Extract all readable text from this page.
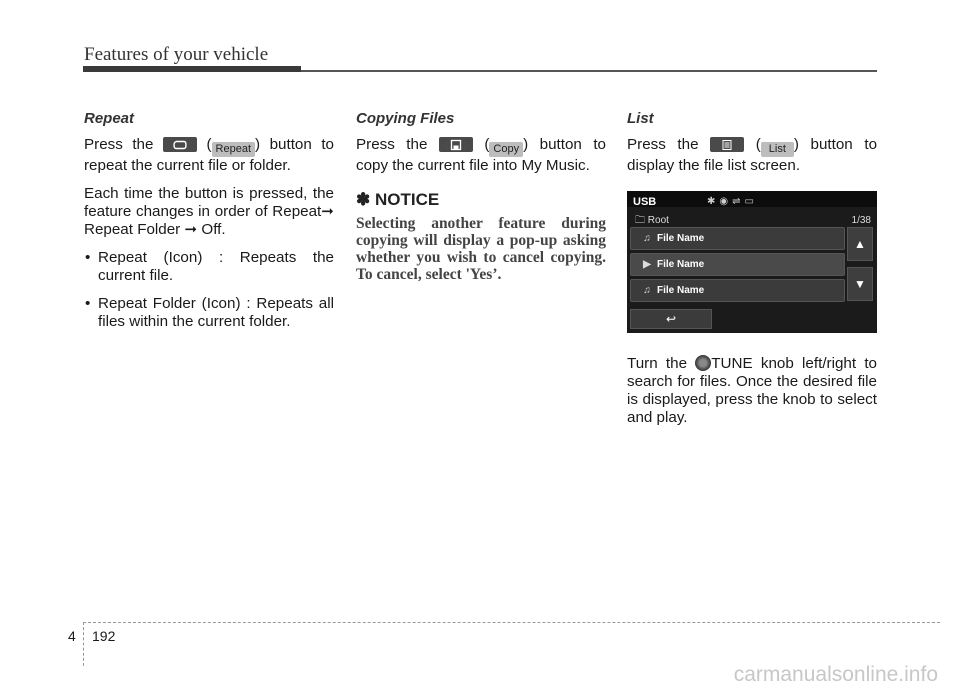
Features of your vehicle
Repeat

Press the
( Repeat ) button to repeat the current file or folder.

Each time the button is pressed, the feature changes in order of Repeat➞ Repeat Folder ➞ Off.

• Repeat (Icon) : Repeats the current file.
• Repeat Folder (Icon) : Repeats all files within the current folder.
Copying Files

Press the
( Copy ) button to copy the current file into My Music.

✽ NOTICE
Selecting another feature during copying will display a pop-up asking whether you wish to cancel copying. To cancel, select 'Yes’.
List

Press the
( List ) button to display the file list screen.

USB	✱◉⇌▭
🗀 Root	1/38
♫ File Name
▶ File Name
♫ File Name
▲
▼
↩

Turn the TUNE knob left/right to search for files. Once the desired file is displayed, press the knob to select and play.

4 192
carmanualsonline.info
